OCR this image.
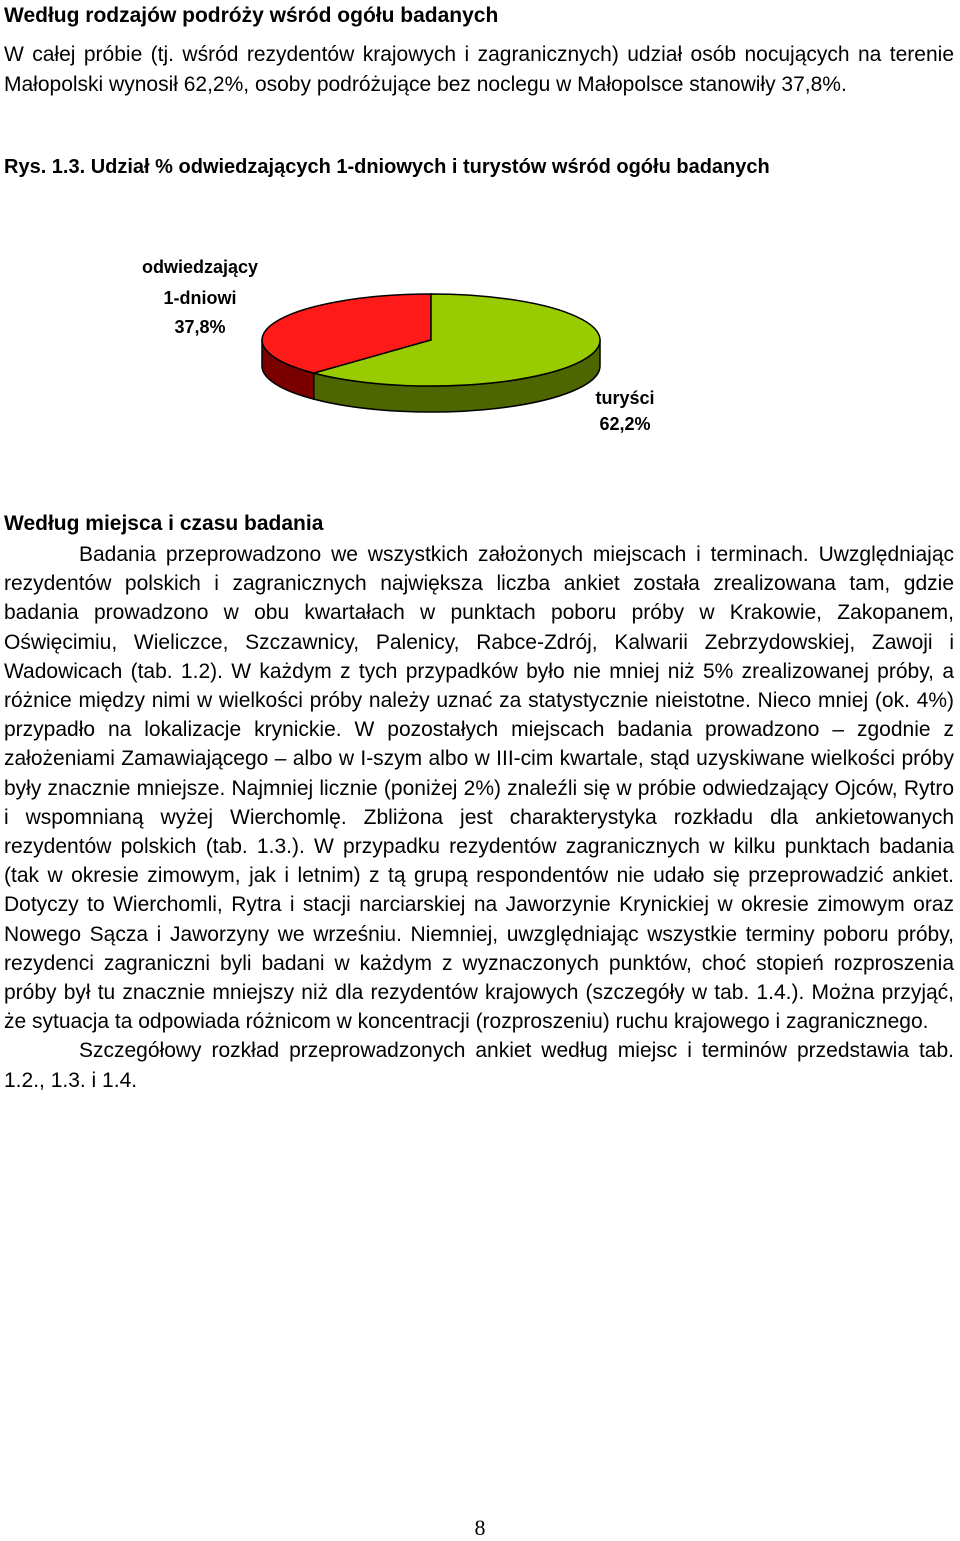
Według rodzajów podróży wśród ogółu badanych

W całej próbie (tj. wśród rezydentów krajowych i zagranicznych) udział osób nocujących na terenie Małopolski wynosił 62,2%, osoby podróżujące bez noclegu w Małopolsce stanowiły 37,8%.

Rys. 1.3. Udział % odwiedzających 1-dniowych i turystów wśród ogółu badanych

odwiedzający
1-dniowi
37,8%
turyści
62,2%
Według miejsca i czasu badania

Badania przeprowadzono we wszystkich założonych miejscach i terminach. Uwzględniając rezydentów polskich i zagranicznych największa liczba ankiet została zrealizowana tam, gdzie badania prowadzono w obu kwartałach w punktach poboru próby w Krakowie, Zakopanem, Oświęcimiu, Wieliczce, Szczawnicy, Palenicy, Rabce-Zdrój, Kalwarii Zebrzydowskiej, Zawoji i Wadowicach (tab. 1.2). W każdym z tych przypadków było nie mniej niż 5% zrealizowanej próby, a różnice między nimi w wielkości próby należy uznać za statystycznie nieistotne. Nieco mniej (ok. 4%) przypadło na lokalizacje krynickie. W pozostałych miejscach badania prowadzono – zgodnie z założeniami Zamawiającego – albo w I-szym albo w III-cim kwartale, stąd uzyskiwane wielkości próby były znacznie mniejsze. Najmniej licznie (poniżej 2%) znaleźli się w próbie odwiedzający Ojców, Rytro i wspomnianą wyżej Wierchomlę. Zbliżona jest charakterystyka rozkładu dla ankietowanych rezydentów polskich (tab. 1.3.). W przypadku rezydentów zagranicznych w kilku punktach badania (tak w okresie zimowym, jak i letnim) z tą grupą respondentów nie udało się przeprowadzić ankiet. Dotyczy to Wierchomli, Rytra i stacji narciarskiej na Jaworzynie Krynickiej w okresie zimowym oraz Nowego Sącza i Jaworzyny we wrześniu. Niemniej, uwzględniając wszystkie terminy poboru próby, rezydenci zagraniczni byli badani w każdym z wyznaczonych punktów, choć stopień rozproszenia próby był tu znacznie mniejszy niż dla rezydentów krajowych (szczegóły w tab. 1.4.). Można przyjąć, że sytuacja ta odpowiada różnicom w koncentracji (rozproszeniu) ruchu krajowego i zagranicznego.

Szczegółowy rozkład przeprowadzonych ankiet według miejsc i terminów przedstawia tab. 1.2., 1.3. i 1.4.

8
